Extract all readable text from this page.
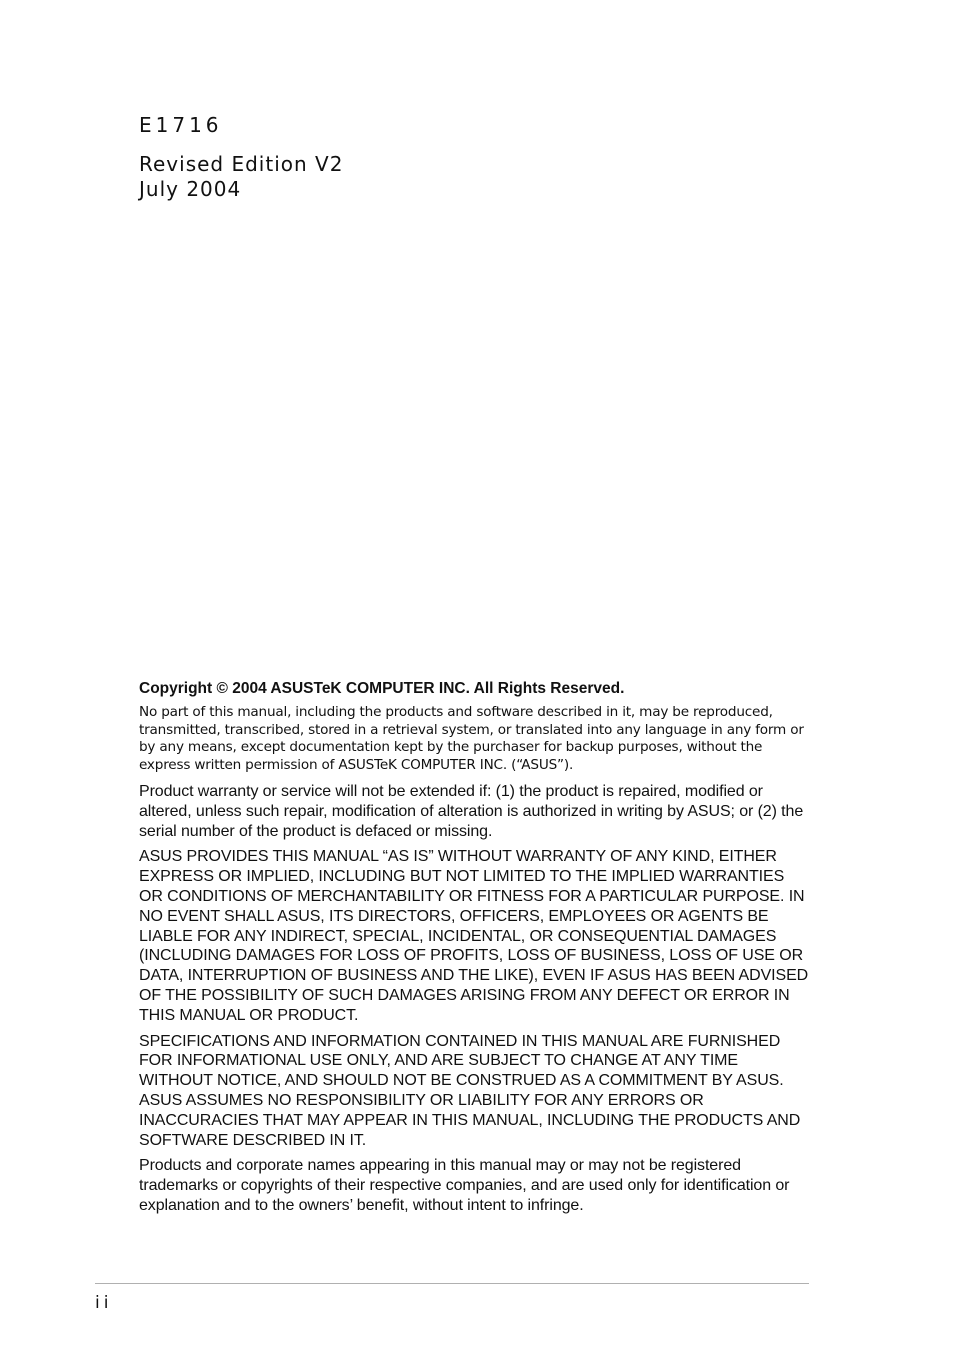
E1716
Revised Edition V2
July 2004

Copyright © 2004 ASUSTeK COMPUTER INC. All Rights Reserved.

No part of this manual, including the products and software described in it, may be reproduced, transmitted, transcribed, stored in a retrieval system, or translated into any language in any form or by any means, except documentation kept by the purchaser for backup purposes, without the express written permission of ASUSTeK COMPUTER INC. (“ASUS”).

Product warranty or service will not be extended if: (1) the product is repaired, modified or altered, unless such repair, modification of alteration is authorized in writing by ASUS; or (2) the serial number of the product is defaced or missing.

ASUS PROVIDES THIS MANUAL “AS IS” WITHOUT WARRANTY OF ANY KIND, EITHER EXPRESS OR IMPLIED, INCLUDING BUT NOT LIMITED TO THE IMPLIED WARRANTIES OR CONDITIONS OF MERCHANTABILITY OR FITNESS FOR A PARTICULAR PURPOSE. IN NO EVENT SHALL ASUS, ITS DIRECTORS, OFFICERS, EMPLOYEES OR AGENTS BE LIABLE FOR ANY INDIRECT, SPECIAL, INCIDENTAL, OR CONSEQUENTIAL DAMAGES (INCLUDING DAMAGES FOR LOSS OF PROFITS, LOSS OF BUSINESS, LOSS OF USE OR DATA, INTERRUPTION OF BUSINESS AND THE LIKE), EVEN IF ASUS HAS BEEN ADVISED OF THE POSSIBILITY OF SUCH DAMAGES ARISING FROM ANY DEFECT OR ERROR IN THIS MANUAL OR PRODUCT.

SPECIFICATIONS AND INFORMATION CONTAINED IN THIS MANUAL ARE FURNISHED FOR INFORMATIONAL USE ONLY, AND ARE SUBJECT TO CHANGE AT ANY TIME WITHOUT NOTICE, AND SHOULD NOT BE CONSTRUED AS A COMMITMENT BY ASUS. ASUS ASSUMES NO RESPONSIBILITY OR LIABILITY FOR ANY ERRORS OR INACCURACIES THAT MAY APPEAR IN THIS MANUAL, INCLUDING THE PRODUCTS AND SOFTWARE DESCRIBED IN IT.

Products and corporate names appearing in this manual may or may not be registered trademarks or copyrights of their respective companies, and are used only for identification or explanation and to the owners’ benefit, without intent to infringe.

ii
